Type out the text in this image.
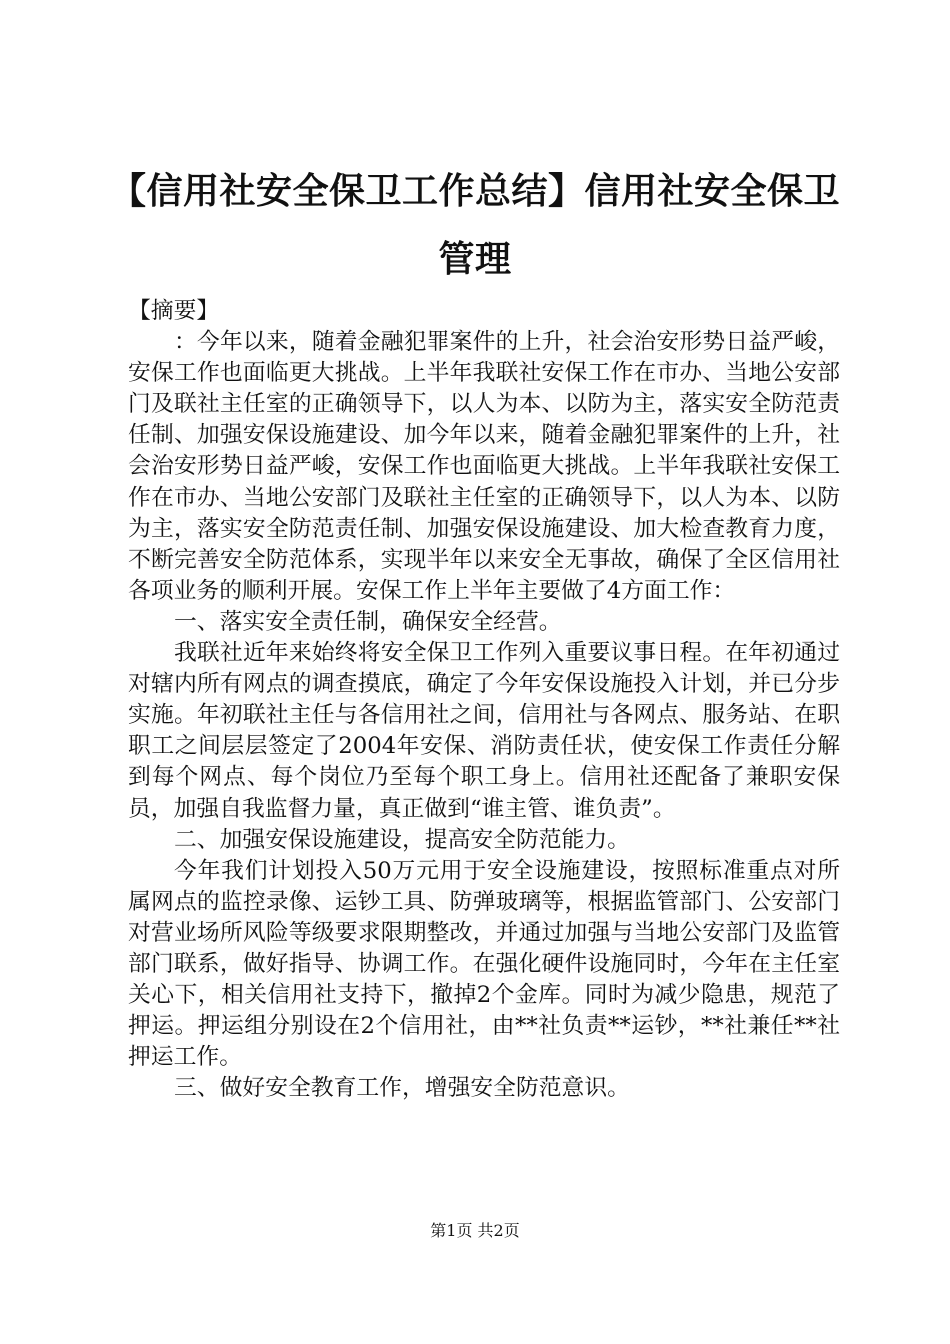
【信用社安全保卫工作总结】信用社安全保卫管理

【摘要】

：今年以来，随着金融犯罪案件的上升，社会治安形势日益严峻，安保工作也面临更大挑战。上半年我联社安保工作在市办、当地公安部门及联社主任室的正确领导下，以人为本、以防为主，落实安全防范责任制、加强安保设施建设、加今年以来，随着金融犯罪案件的上升，社会治安形势日益严峻，安保工作也面临更大挑战。上半年我联社安保工作在市办、当地公安部门及联社主任室的正确领导下，以人为本、以防为主，落实安全防范责任制、加强安保设施建设、加大检查教育力度，不断完善安全防范体系，实现半年以来安全无事故，确保了全区信用社各项业务的顺利开展。安保工作上半年主要做了4方面工作：

一、落实安全责任制，确保安全经营。

我联社近年来始终将安全保卫工作列入重要议事日程。在年初通过对辖内所有网点的调查摸底，确定了今年安保设施投入计划，并已分步实施。年初联社主任与各信用社之间，信用社与各网点、服务站、在职职工之间层层签定了2004年安保、消防责任状，使安保工作责任分解到每个网点、每个岗位乃至每个职工身上。信用社还配备了兼职安保员，加强自我监督力量，真正做到“谁主管、谁负责”。

二、加强安保设施建设，提高安全防范能力。

今年我们计划投入50万元用于安全设施建设，按照标准重点对所属网点的监控录像、运钞工具、防弹玻璃等，根据监管部门、公安部门对营业场所风险等级要求限期整改，并通过加强与当地公安部门及监管部门联系，做好指导、协调工作。在强化硬件设施同时，今年在主任室关心下，相关信用社支持下，撤掉2个金库。同时为减少隐患，规范了押运。押运组分别设在2个信用社，由**社负责**运钞，**社兼任**社押运工作。

三、做好安全教育工作，增强安全防范意识。

第1页 共2页
